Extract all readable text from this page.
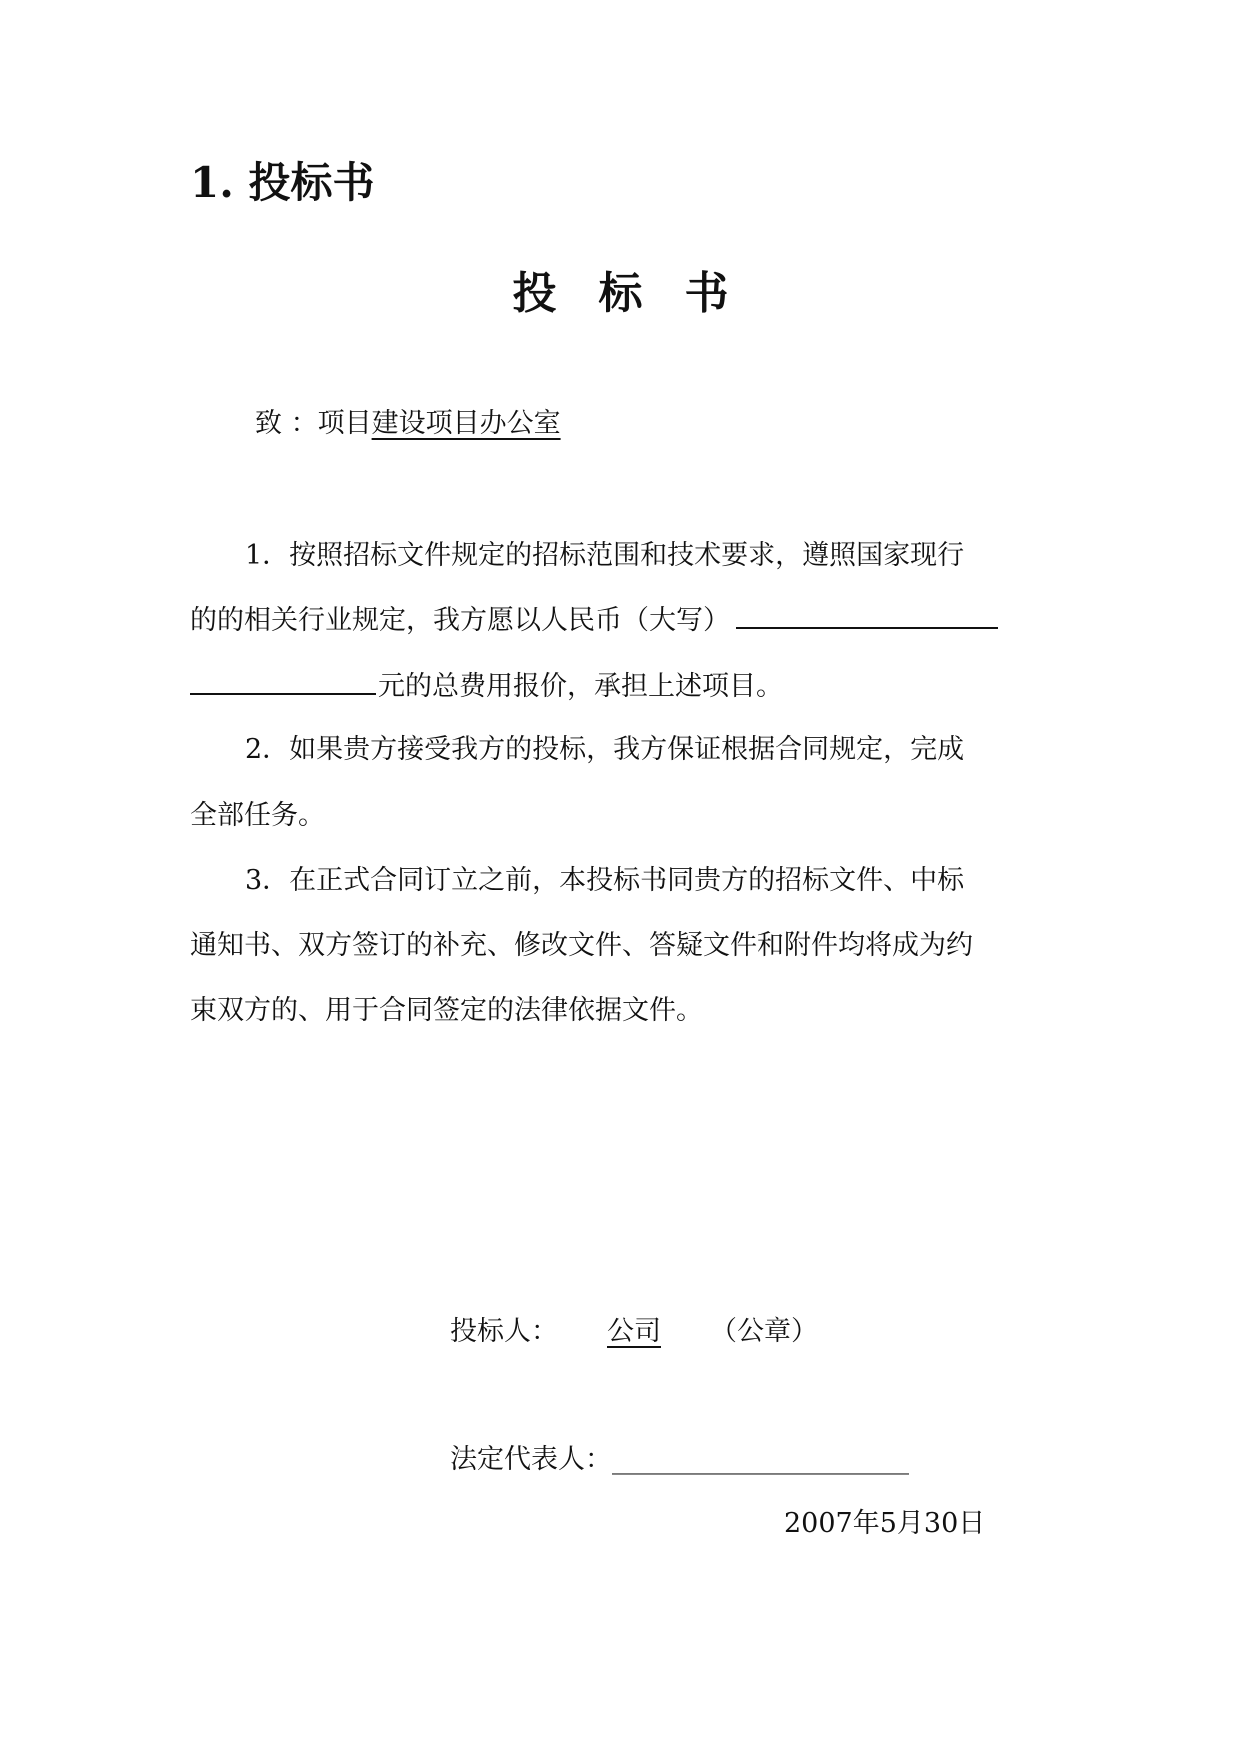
1. 投标书
投标书
致 ：项目建设项目办公室
1．按照招标文件规定的招标范围和技术要求，遵照国家现行
的的相关行业规定，我方愿以人民币（大写）
元的总费用报价，承担上述项目。
2．如果贵方接受我方的投标，我方保证根据合同规定，完成
全部任务。
3．在正式合同订立之前，本投标书同贵方的招标文件、中标
通知书、双方签订的补充、修改文件、答疑文件和附件均将成为约
束双方的、用于合同签定的法律依据文件。
投标人： 公司 （公章）
法定代表人：______________________
2007年5月30日
